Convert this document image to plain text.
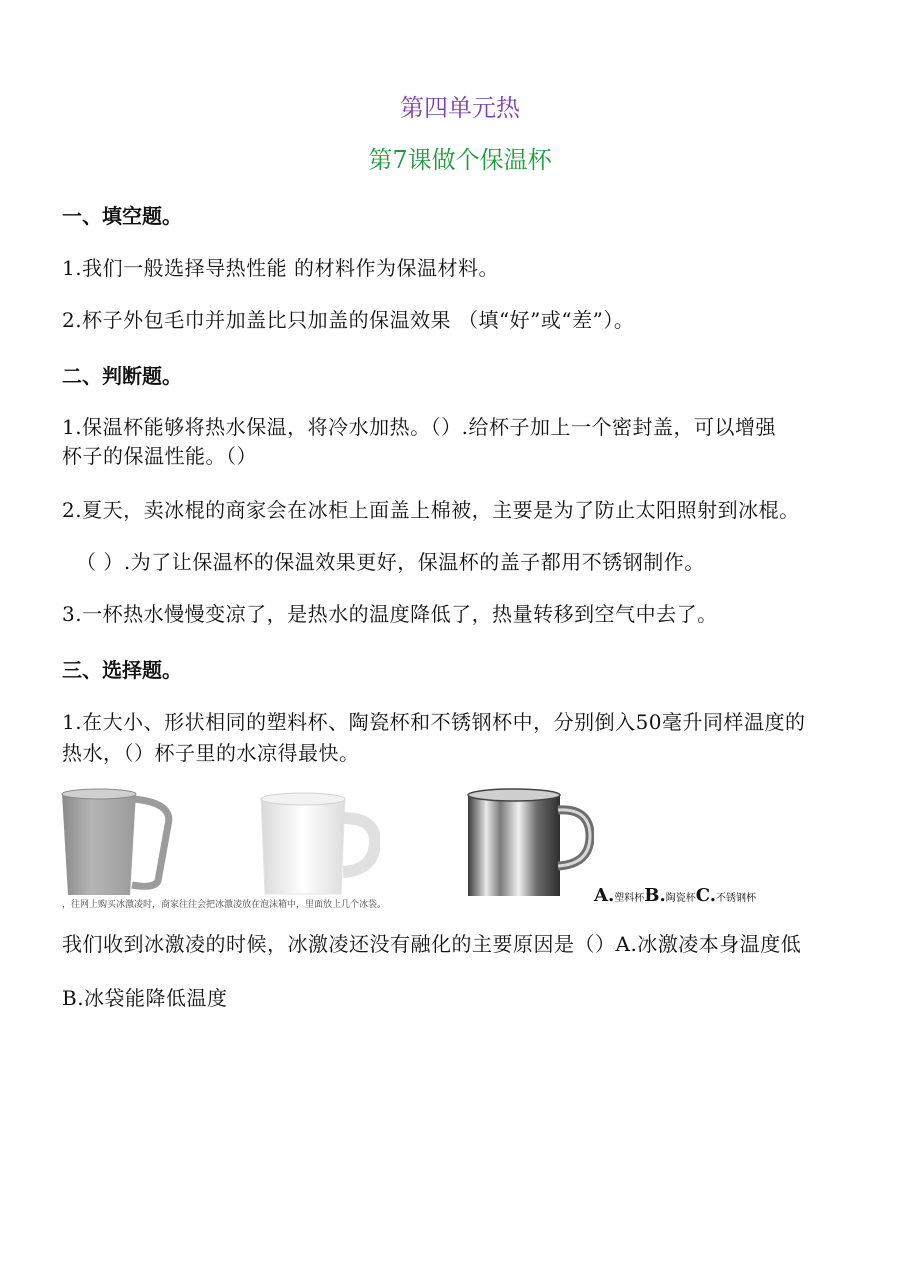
第四单元热
第7课做个保温杯
一、填空题。
1.我们一般选择导热性能 的材料作为保温材料。
2.杯子外包毛巾并加盖比只加盖的保温效果 （填“好”或“差”）。
二、判断题。
1.保温杯能够将热水保温，将冷水加热。（）.给杯子加上一个密封盖，可以增强
杯子的保温性能。（）
2.夏天，卖冰棍的商家会在冰柜上面盖上棉被，主要是为了防止太阳照射到冰棍。
（ ）.为了让保温杯的保温效果更好，保温杯的盖子都用不锈钢制作。
3.一杯热水慢慢变凉了，是热水的温度降低了，热量转移到空气中去了。
三、选择题。
1.在大小、形状相同的塑料杯、陶瓷杯和不锈钢杯中，分别倒入50毫升同样温度的
热水，（）杯子里的水凉得最快。
，往网上购买冰激凌时，商家往往会把冰激凌放在泡沫箱中，里面放上几个冰袋。	A.塑料杯B.陶瓷杯C.不锈钢杯
我们收到冰激凌的时候，冰激凌还没有融化的主要原因是（）A.冰激凌本身温度低
B.冰袋能降低温度
